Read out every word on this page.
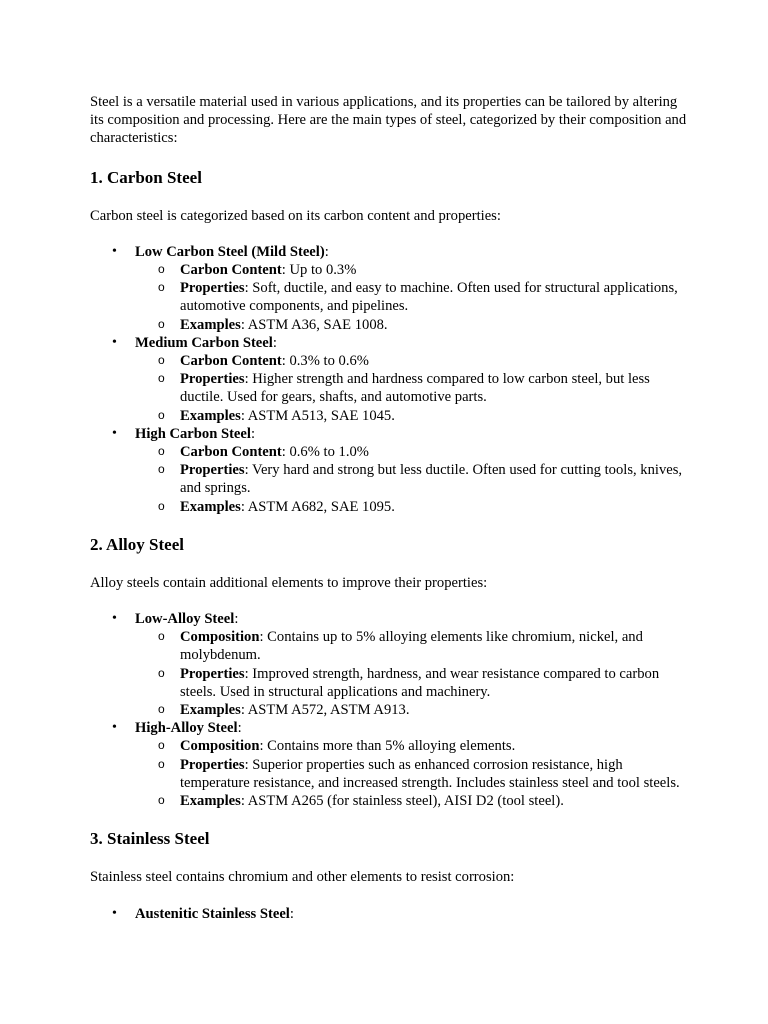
Steel is a versatile material used in various applications, and its properties can be tailored by altering its composition and processing. Here are the main types of steel, categorized by their composition and characteristics:

1. Carbon Steel

Carbon steel is categorized based on its carbon content and properties:

• Low Carbon Steel (Mild Steel):
o Carbon Content: Up to 0.3%
o Properties: Soft, ductile, and easy to machine. Often used for structural applications, automotive components, and pipelines.
o Examples: ASTM A36, SAE 1008.
• Medium Carbon Steel:
o Carbon Content: 0.3% to 0.6%
o Properties: Higher strength and hardness compared to low carbon steel, but less ductile. Used for gears, shafts, and automotive parts.
o Examples: ASTM A513, SAE 1045.
• High Carbon Steel:
o Carbon Content: 0.6% to 1.0%
o Properties: Very hard and strong but less ductile. Often used for cutting tools, knives, and springs.
o Examples: ASTM A682, SAE 1095.
2. Alloy Steel

Alloy steels contain additional elements to improve their properties:

• Low-Alloy Steel:
o Composition: Contains up to 5% alloying elements like chromium, nickel, and molybdenum.
o Properties: Improved strength, hardness, and wear resistance compared to carbon steels. Used in structural applications and machinery.
o Examples: ASTM A572, ASTM A913.
• High-Alloy Steel:
o Composition: Contains more than 5% alloying elements.
o Properties: Superior properties such as enhanced corrosion resistance, high temperature resistance, and increased strength. Includes stainless steel and tool steels.
o Examples: ASTM A265 (for stainless steel), AISI D2 (tool steel).
3. Stainless Steel

Stainless steel contains chromium and other elements to resist corrosion:

• Austenitic Stainless Steel:
